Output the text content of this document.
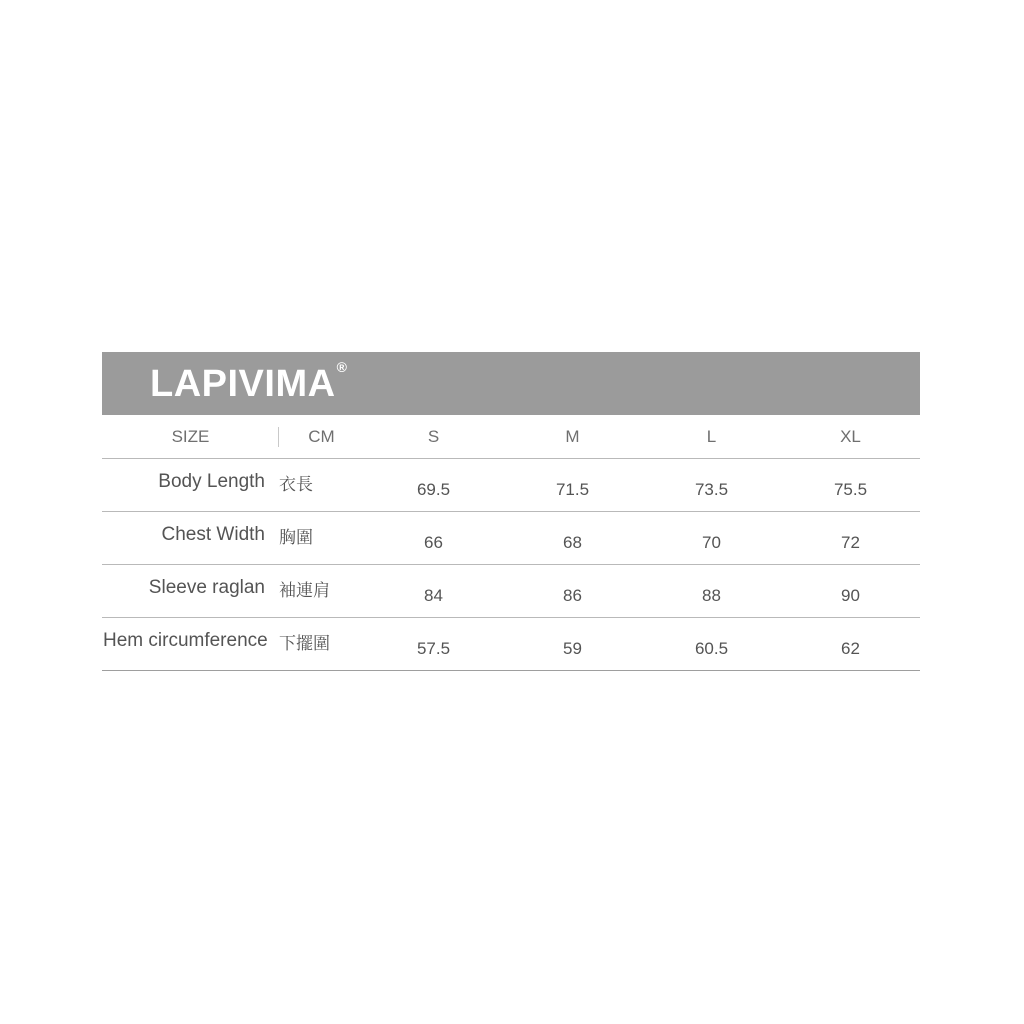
LAPIVIMA®
SIZE	CM	S	M	L	XL
Body Length	衣長	69.5	71.5	73.5	75.5
Chest Width	胸圍	66	68	70	72
Sleeve raglan	袖連肩	84	86	88	90
Hem circumference	下擺圍	57.5	59	60.5	62
